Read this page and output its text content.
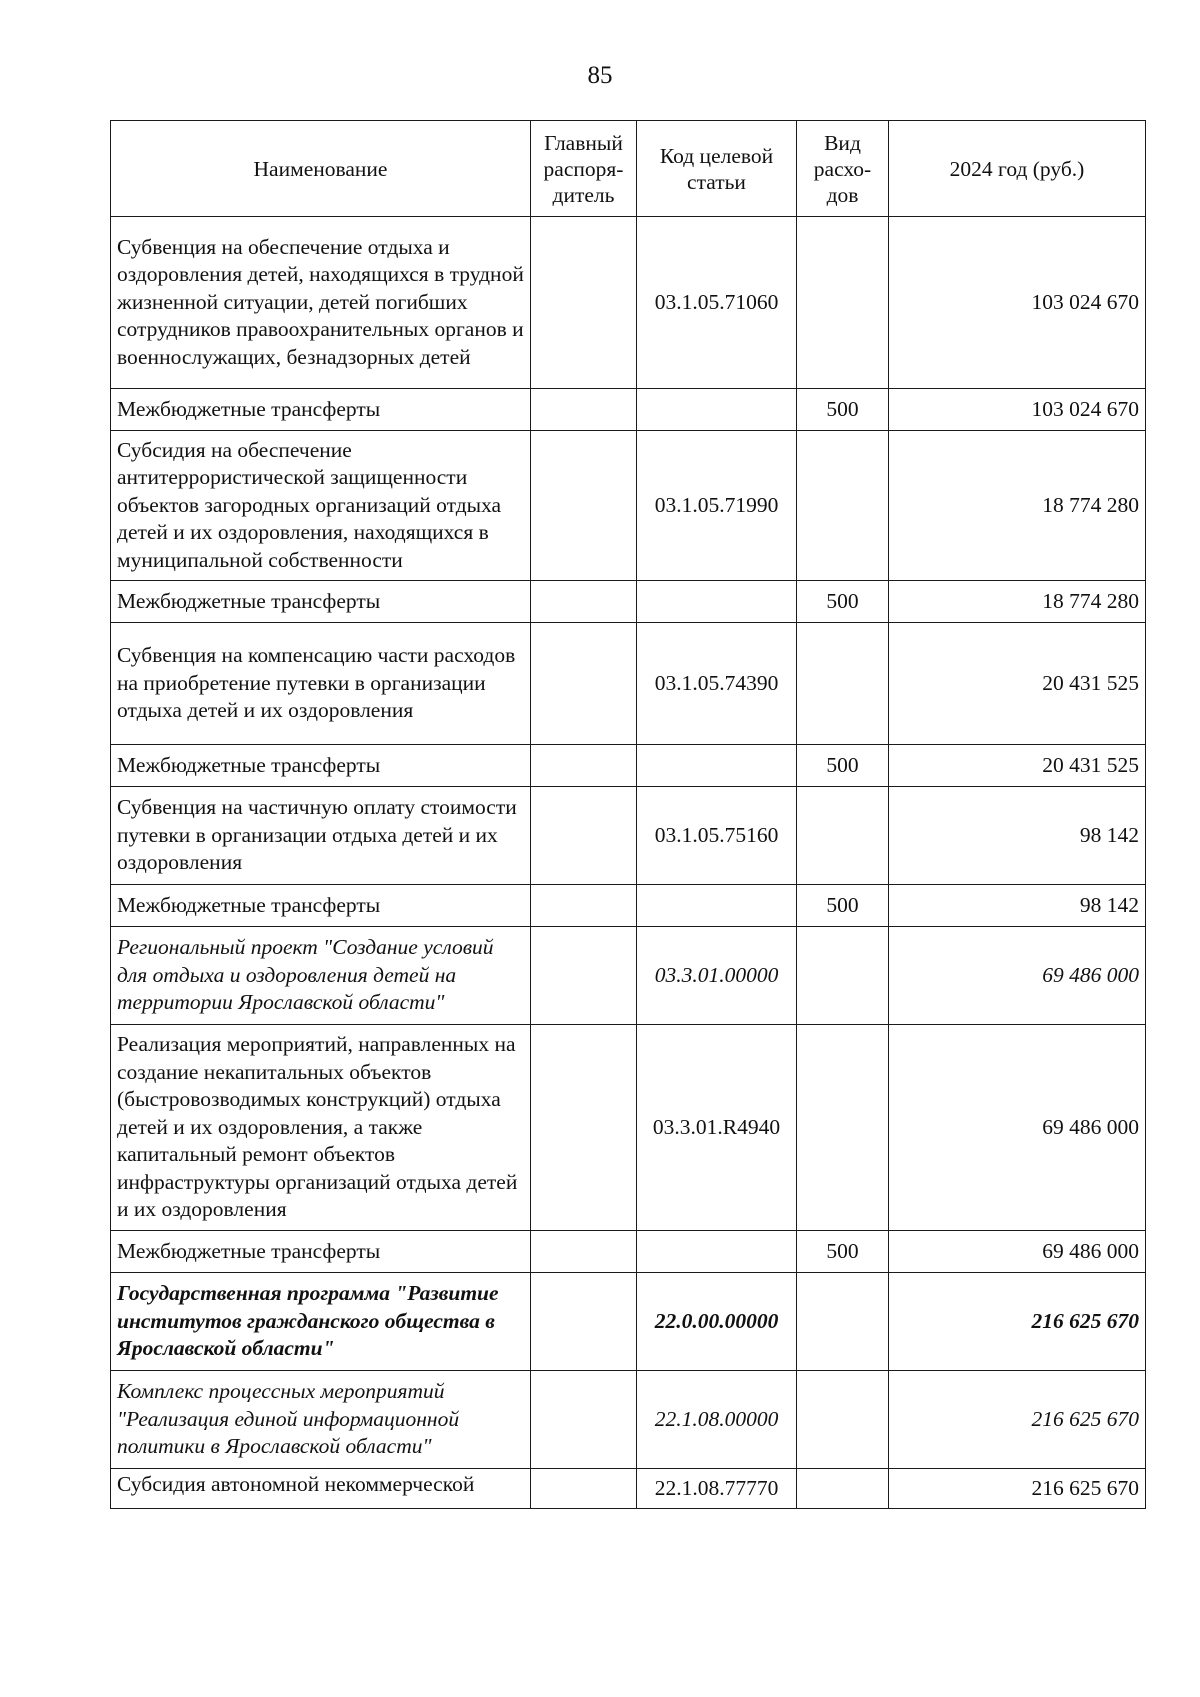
85
Наименование	Главный распоря-дитель	Код целевой статьи	Вид расхо-дов	2024 год (руб.)
Субвенция на обеспечение отдыха и оздоровления детей, находящихся в трудной жизненной ситуации, детей погибших сотрудников правоохранительных органов и военнослужащих, безнадзорных детей		03.1.05.71060		103 024 670
Межбюджетные трансферты			500	103 024 670
Субсидия на обеспечение антитеррористической защищенности объектов загородных организаций отдыха детей и их оздоровления, находящихся в муниципальной собственности		03.1.05.71990		18 774 280
Межбюджетные трансферты			500	18 774 280
Субвенция на компенсацию части расходов на приобретение путевки в организации отдыха детей и их оздоровления		03.1.05.74390		20 431 525
Межбюджетные трансферты			500	20 431 525
Субвенция на частичную оплату стоимости путевки в организации отдыха детей и их оздоровления		03.1.05.75160		98 142
Межбюджетные трансферты			500	98 142
Региональный проект "Создание условий для отдыха и оздоровления детей на территории Ярославской области"		03.3.01.00000		69 486 000
Реализация мероприятий, направленных на создание некапитальных объектов (быстровозводимых конструкций) отдыха детей и их оздоровления, а также капитальный ремонт объектов инфраструктуры организаций отдыха детей и их оздоровления		03.3.01.R4940		69 486 000
Межбюджетные трансферты			500	69 486 000
Государственная программа "Развитие институтов гражданского общества в Ярославской области"		22.0.00.00000		216 625 670
Комплекс процессных мероприятий "Реализация единой информационной политики в Ярославской области"		22.1.08.00000		216 625 670
Субсидия автономной некоммерческой		22.1.08.77770		216 625 670
